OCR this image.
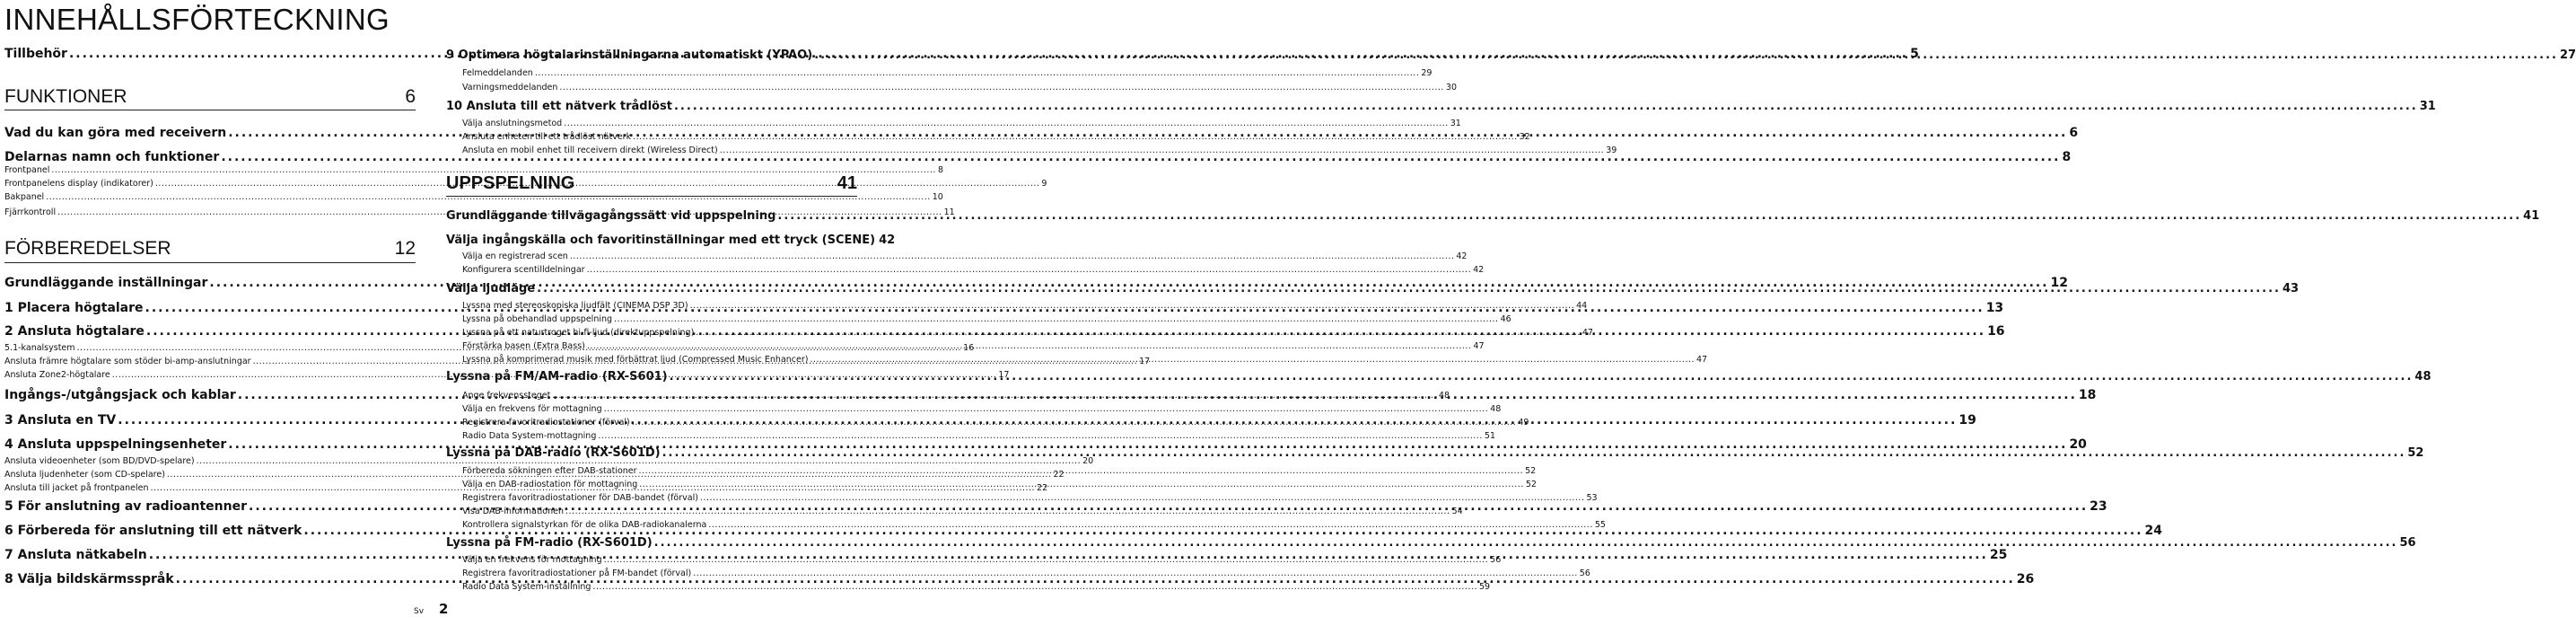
INNEHÅLLSFÖRTECKNING
Tillbehör .....	5
FUNKTIONER	6
Vad du kan göra med receivern .....	6
Delarnas namn och funktioner .....	8
Frontpanel .....	8
Frontpanelens display (indikatorer) .....	9
Bakpanel .....	10
Fjärrkontroll .....	11
FÖRBEREDELSER	12
Grundläggande inställningar .....	12
1 Placera högtalare .....	13
2 Ansluta högtalare .....	16
5.1-kanalsystem .....	16
Ansluta främre högtalare som stöder bi-amp-anslutningar .....	17
Ansluta Zone2-högtalare .....	17
Ingångs-/utgångsjack och kablar .....	18
3 Ansluta en TV .....	19
4 Ansluta uppspelningsenheter .....	20
Ansluta videoenheter (som BD/DVD-spelare) .....	20
Ansluta ljudenheter (som CD-spelare) .....	22
Ansluta till jacket på frontpanelen .....	22
5 För anslutning av radioantenner .....	23
6 Förbereda för anslutning till ett nätverk .....	24
7 Ansluta nätkabeln .....	25
8 Välja bildskärmsspråk .....	26
9 Optimera högtalarinställningarna automatiskt (YPAO) .....	27
Felmeddelanden .....	29
Varningsmeddelanden .....	30
10 Ansluta till ett nätverk trådlöst .....	31
Välja anslutningsmetod .....	31
Ansluta enheten till ett trådlöst nätverk .....	32
Ansluta en mobil enhet till receivern direkt (Wireless Direct) .....	39
UPPSPELNING	41
Grundläggande tillvägagångssätt vid uppspelning .....	41
Välja ingångskälla och favoritinställningar med ett tryck (SCENE) 42
Välja en registrerad scen .....	42
Konfigurera scentilldelningar .....	42
Välja ljudläge .....	43
Lyssna med stereoskopiska ljudfält (CINEMA DSP 3D) .....	44
Lyssna på obehandlad uppspelning .....	46
Lyssna på ett naturtroget hi-fi-ljud (direktuppspelning) .....	47
Förstärka basen (Extra Bass) .....	47
Lyssna på komprimerad musik med förbättrat ljud (Compressed Music Enhancer) .....	47
Lyssna på FM/AM-radio (RX-S601) .....	48
Ange frekvenssteget .....	48
Välja en frekvens för mottagning .....	48
Registrera favoritradiostationer (förval) .....	49
Radio Data System-mottagning .....	51
Lyssna på DAB-radio (RX-S601D) .....	52
Förbereda sökningen efter DAB-stationer .....	52
Välja en DAB-radiostation för mottagning .....	52
Registrera favoritradiostationer för DAB-bandet (förval) .....	53
Visa DAB-informationen .....	54
Kontrollera signalstyrkan för de olika DAB-radiokanalerna .....	55
Lyssna på FM-radio (RX-S601D) .....	56
Välja en frekvens för mottagning .....	56
Registrera favoritradiostationer på FM-bandet (förval) .....	56
Radio Data System-inställning .....	59
Sv 2
